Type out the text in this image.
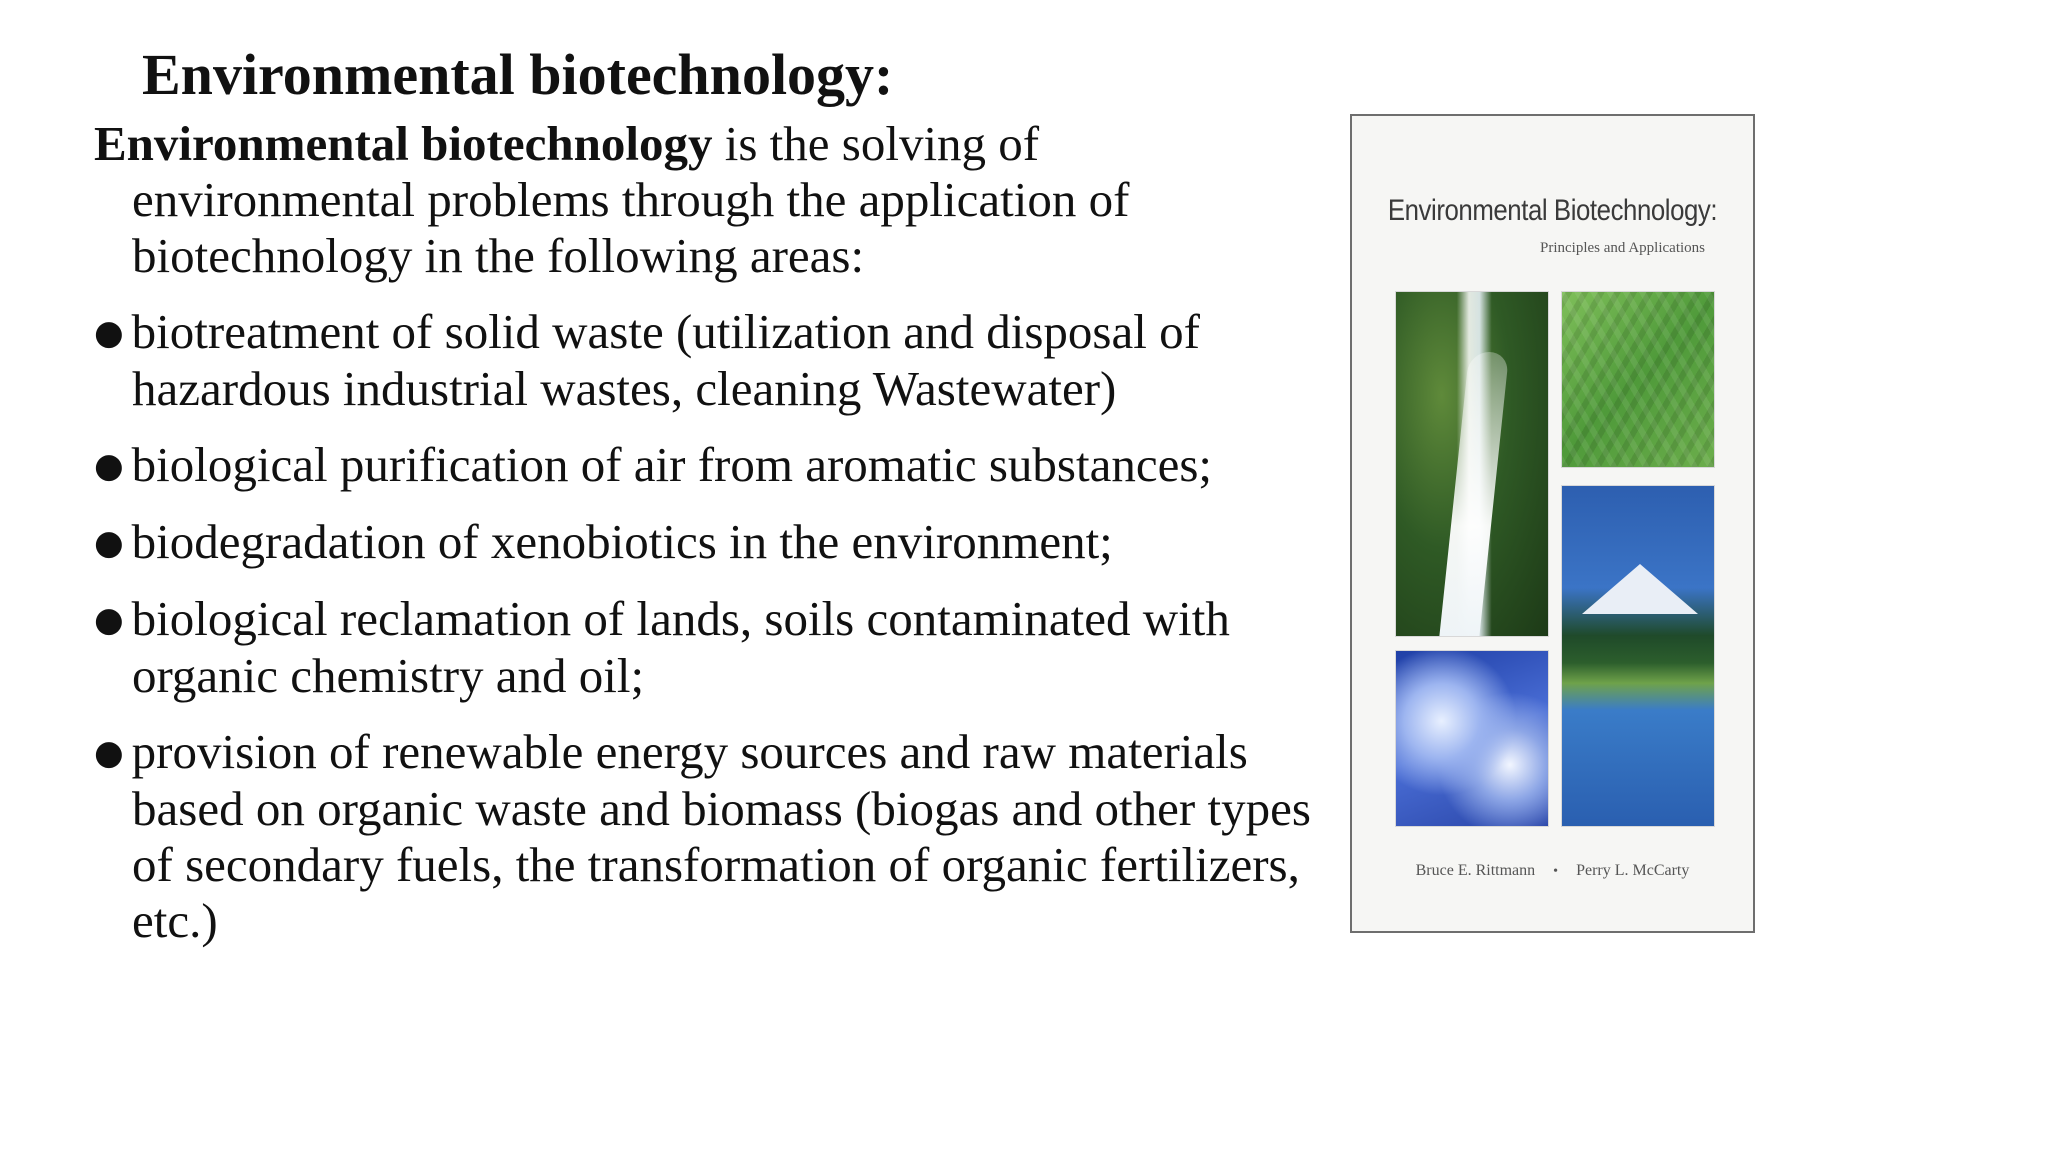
Environmental biotechnology:

Environmental biotechnology is the solving of environmental problems through the application of biotechnology in the following areas:

● biotreatment of solid waste (utilization and disposal of hazardous industrial wastes, cleaning Wastewater)

● biological purification of air from aromatic substances;

● biodegradation of xenobiotics in the environment;

● biological reclamation of lands, soils contaminated with organic chemistry and oil;

● provision of renewable energy sources and raw materials based on organic waste and biomass (biogas and other types of secondary fuels, the transformation of organic fertilizers, etc.)

Environmental Biotechnology:
Principles and Applications
Bruce E. Rittmann • Perry L. McCarty
